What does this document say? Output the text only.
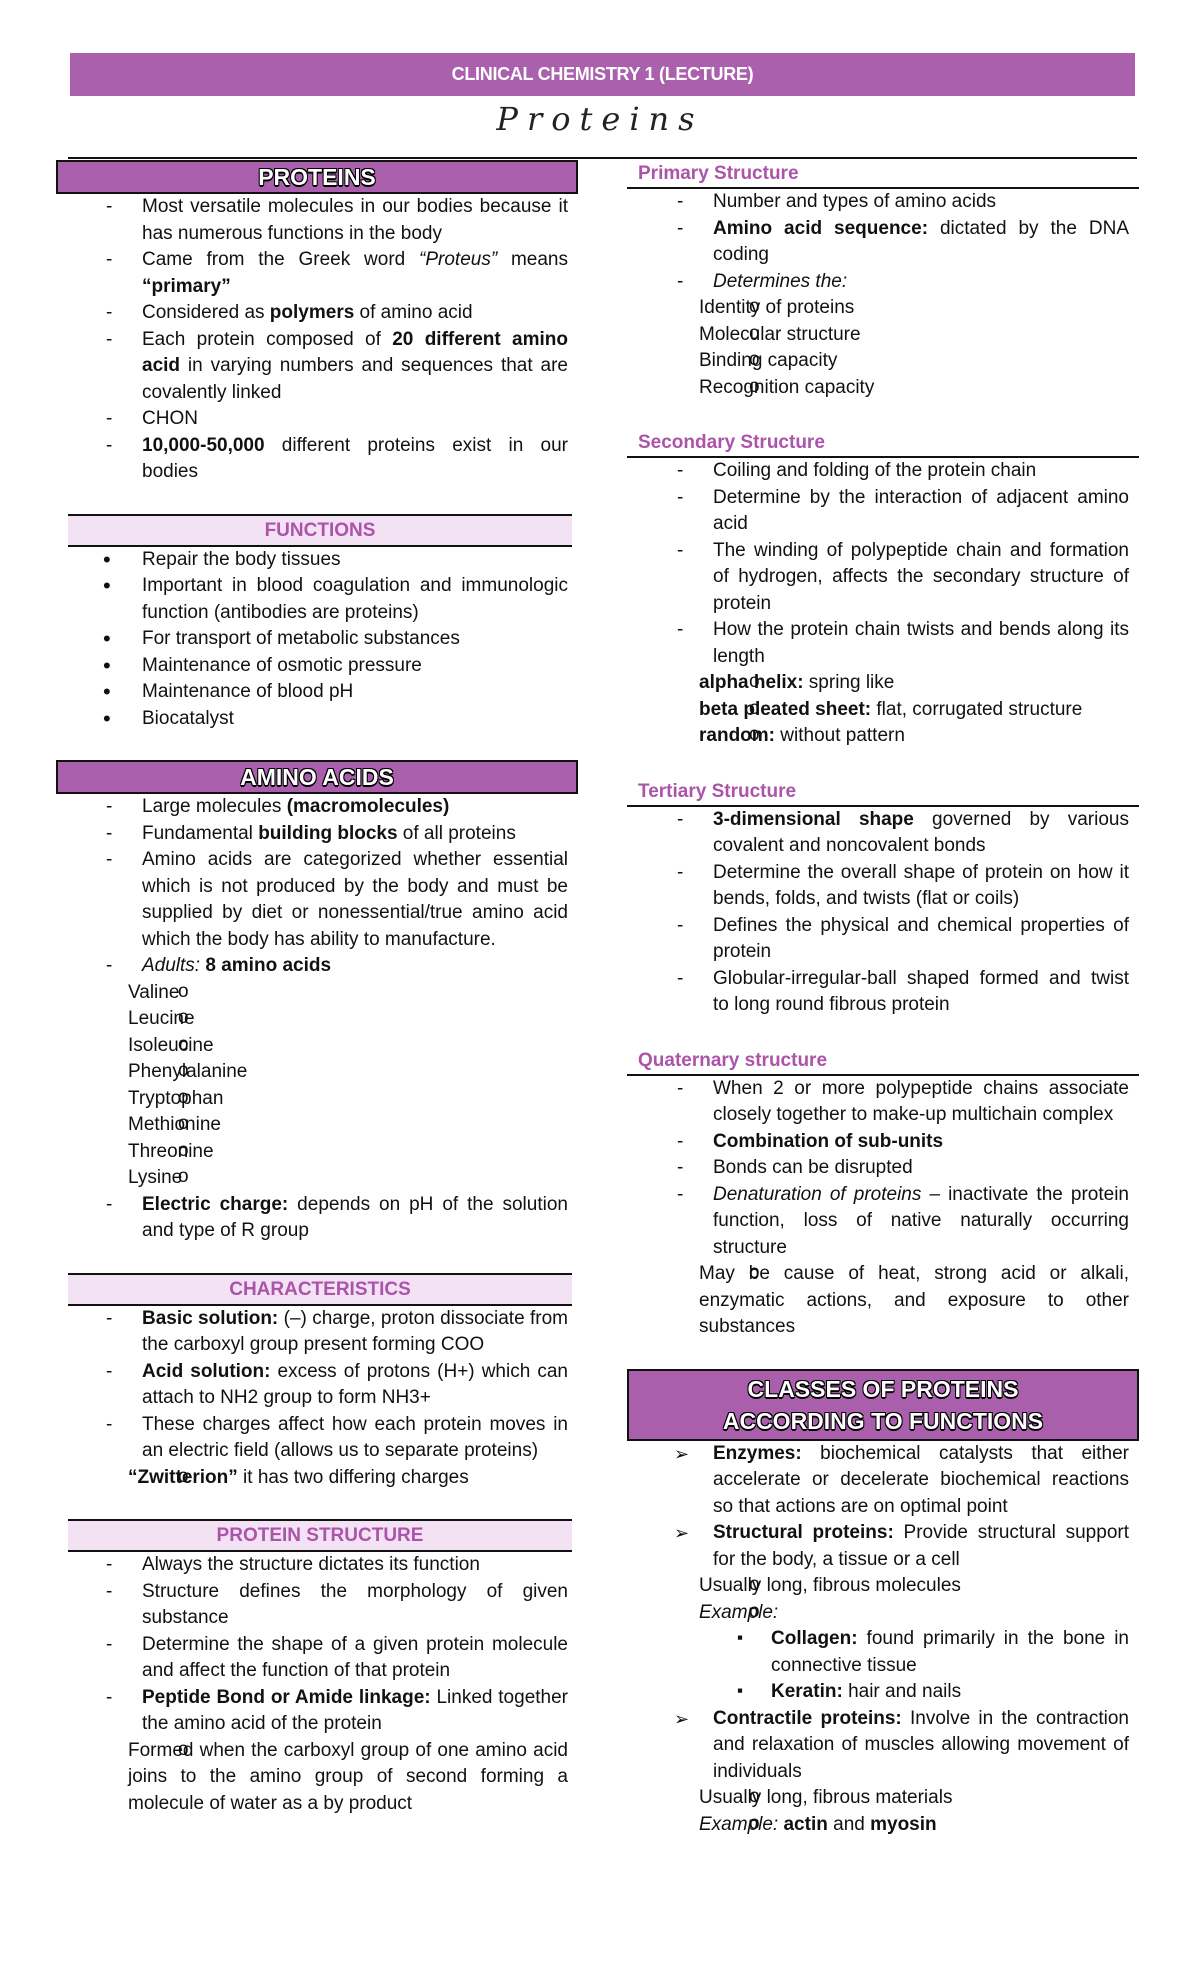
CLINICAL CHEMISTRY 1 (LECTURE)
Proteins
PROTEINS
- Most versatile molecules in our bodies because it has numerous functions in the body
- Came from the Greek word “Proteus” means “primary”
- Considered as polymers of amino acid
- Each protein composed of 20 different amino acid in varying numbers and sequences that are covalently linked
- CHON
- 10,000-50,000 different proteins exist in our bodies
FUNCTIONS
• Repair the body tissues
• Important in blood coagulation and immunologic function (antibodies are proteins)
• For transport of metabolic substances
• Maintenance of osmotic pressure
• Maintenance of blood pH
• Biocatalyst
AMINO ACIDS
- Large molecules (macromolecules)
- Fundamental building blocks of all proteins
- Amino acids are categorized whether essential which is not produced by the body and must be supplied by diet or nonessential/true amino acid which the body has ability to manufacture.
- Adults: 8 amino acids
o Valine
o Leucine
o Isoleucine
o Phenylalanine
o Tryptophan
o Methionine
o Threonine
o Lysine
- Electric charge: depends on pH of the solution and type of R group
CHARACTERISTICS
- Basic solution: (–) charge, proton dissociate from the carboxyl group present forming COO
- Acid solution: excess of protons (H+) which can attach to NH2 group to form NH3+
- These charges affect how each protein moves in an electric field (allows us to separate proteins)
o “Zwitterion” it has two differing charges
PROTEIN STRUCTURE
- Always the structure dictates its function
- Structure defines the morphology of given substance
- Determine the shape of a given protein molecule and affect the function of that protein
- Peptide Bond or Amide linkage: Linked together the amino acid of the protein
o Formed when the carboxyl group of one amino acid joins to the amino group of second forming a molecule of water as a by product
Primary Structure
- Number and types of amino acids
- Amino acid sequence: dictated by the DNA coding
- Determines the:
o Identity of proteins
o Molecular structure
o Binding capacity
o Recognition capacity
Secondary Structure
- Coiling and folding of the protein chain
- Determine by the interaction of adjacent amino acid
- The winding of polypeptide chain and formation of hydrogen, affects the secondary structure of protein
- How the protein chain twists and bends along its length
o alpha helix: spring like
o beta pleated sheet: flat, corrugated structure
o random: without pattern
Tertiary Structure
- 3-dimensional shape governed by various covalent and noncovalent bonds
- Determine the overall shape of protein on how it bends, folds, and twists (flat or coils)
- Defines the physical and chemical properties of protein
- Globular-irregular-ball shaped formed and twist to long round fibrous protein
Quaternary structure
- When 2 or more polypeptide chains associate closely together to make-up multichain complex
- Combination of sub-units
- Bonds can be disrupted
- Denaturation of proteins – inactivate the protein function, loss of native naturally occurring structure
o May be cause of heat, strong acid or alkali, enzymatic actions, and exposure to other substances
CLASSES OF PROTEINS
ACCORDING TO FUNCTIONS
➢ Enzymes: biochemical catalysts that either accelerate or decelerate biochemical reactions so that actions are on optimal point
➢ Structural proteins: Provide structural support for the body, a tissue or a cell
o Usually long, fibrous molecules
o Example:
▪ Collagen: found primarily in the bone in connective tissue
▪ Keratin: hair and nails
➢ Contractile proteins: Involve in the contraction and relaxation of muscles allowing movement of individuals
o Usually long, fibrous materials
o Example: actin and myosin
